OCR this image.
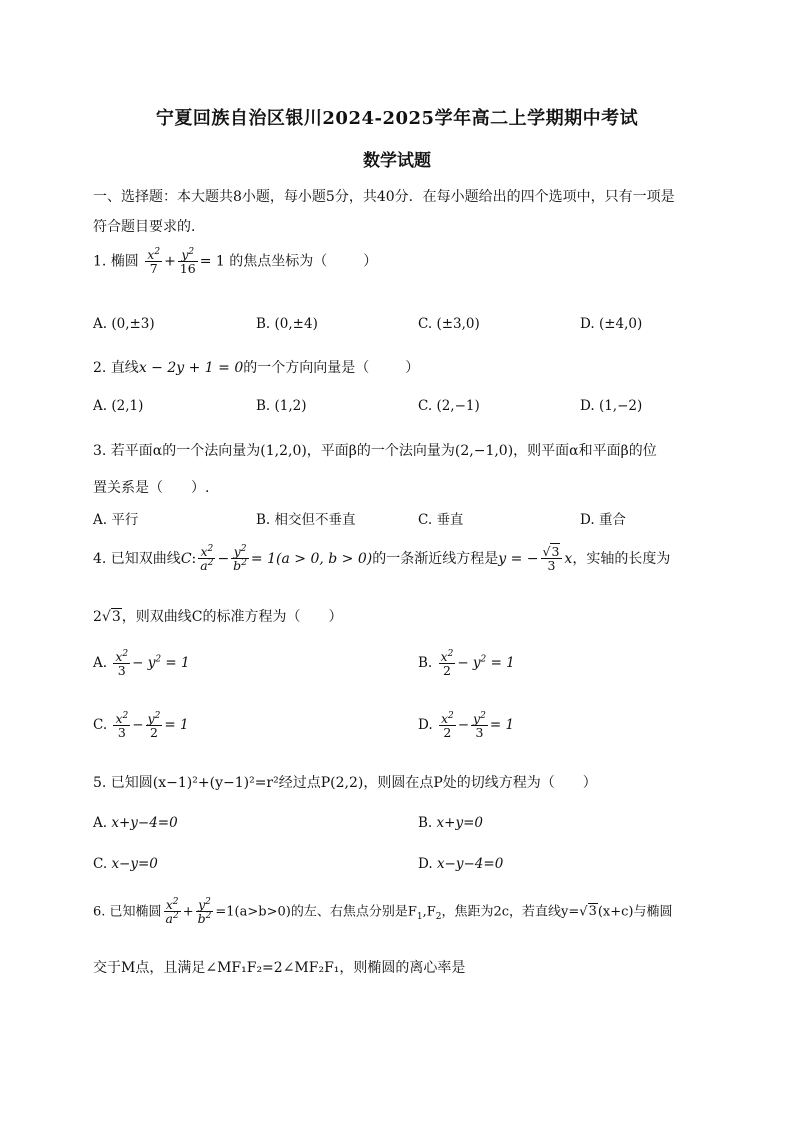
宁夏回族自治区银川2024-2025学年高二上学期期中考试
数学试题
一、选择题：本大题共8小题，每小题5分，共40分．在每小题给出的四个选项中，只有一项是
符合题目要求的．
1. 椭圆 $\frac{x^2}{7} + \frac{y^2}{16} = 1$ 的焦点坐标为（	）
A. (0,±3)	B. (0,±4)	C. (±3,0)	D. (±4,0)
2. 直线x − 2y + 1 = 0的一个方向向量是（	）
A. (2,1)	B. (1,2)	C. (2,−1)	D. (1,−2)
3. 若平面α的一个法向量为(1,2,0)，平面β的一个法向量为(2,−1,0)，则平面α和平面β的位
置关系是（　　）.
A. 平行	B. 相交但不垂直	C. 垂直	D. 重合
4. 已知双曲线C: $\frac{x^2}{a^2} - \frac{y^2}{b^2} = 1(a > 0$, b > 0)的一条渐近线方程是y = − $\frac{√3}{3}$ x，实轴的长度为
2√3，则双曲线C的标准方程为（　　）
A. $\frac{x^2}{3} - y^2 = 1$	B. $\frac{x^2}{2} - y^2 = 1$
C. $\frac{x^2}{3} - \frac{y^2}{2} = 1$	D. $\frac{x^2}{2} - \frac{y^2}{3} = 1$
5. 已知圆(x−1)²+(y−1)²=r²经过点P(2,2)，则圆在点P处的切线方程为（　　）
A. x+y−4=0	B. x+y=0
C. x−y=0	D. x−y−4=0
6. 已知椭圆 $\frac{x^2}{a^2} + \frac{y^2}{b^2} =1(a>b>0)$的左、右焦点分别是$F_1,F_2$，焦距为2c，若直线y=√3(x+c)与椭圆
交于M点，且满足∠MF₁F₂=2∠MF₂F₁，则椭圆的离心率是
